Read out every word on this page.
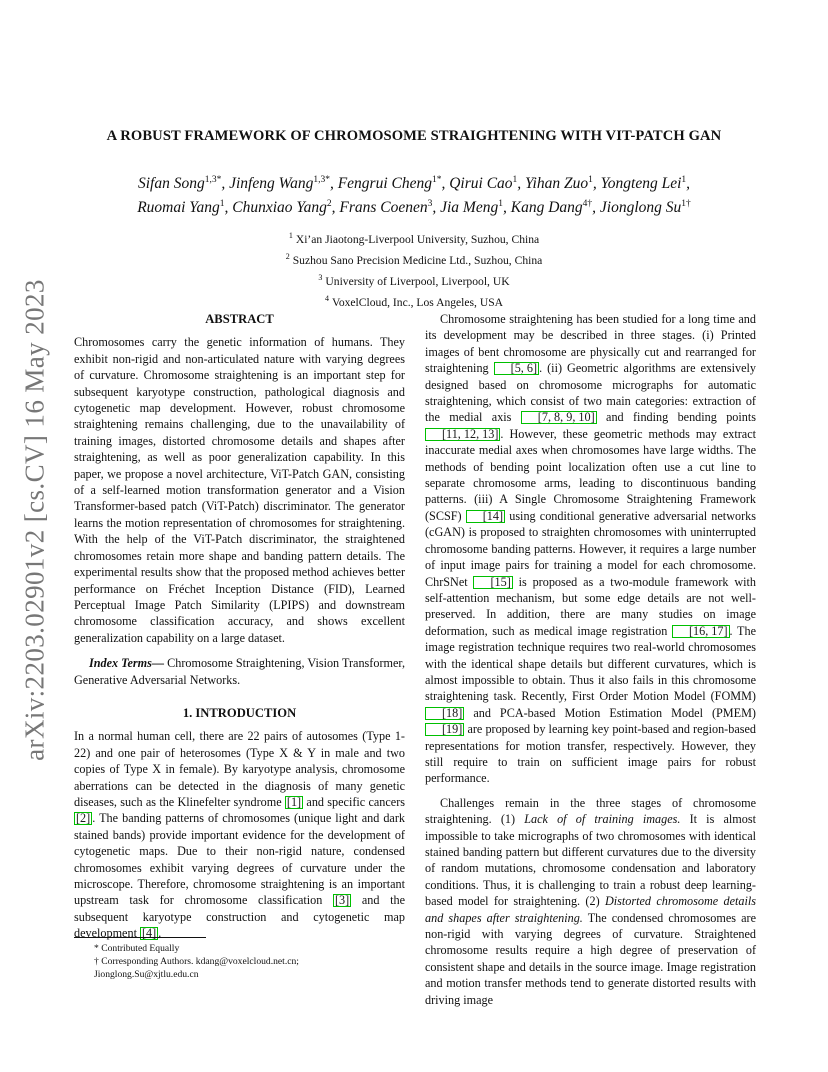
arXiv:2203.02901v2 [cs.CV] 16 May 2023
A ROBUST FRAMEWORK OF CHROMOSOME STRAIGHTENING WITH VIT-PATCH GAN
Sifan Song$^{1,3*}$, Jinfeng Wang$^{1,3*}$, Fengrui Cheng$^{1*}$, Qirui Cao$^1$, Yihan Zuo$^1$, Yongteng Lei$^1$,
Ruomai Yang$^1$, Chunxiao Yang$^2$, Frans Coenen$^3$, Jia Meng$^1$, Kang Dang$^{4\dagger}$, Jionglong $Su^{1\dagger}$
$^1$ Xi’an Jiaotong-Liverpool University, Suzhou, China
$^2$ Suzhou Sano Precision Medicine Ltd., Suzhou, China
$^3$ University of Liverpool, Liverpool, UK
$^4$ VoxelCloud, Inc., Los Angeles, USA
ABSTRACT

Chromosomes carry the genetic information of humans. They exhibit non-rigid and non-articulated nature with varying degrees of curvature. Chromosome straightening is an important step for subsequent karyotype construction, pathological diagnosis and cytogenetic map development. However, robust chromosome straightening remains challenging, due to the unavailability of training images, distorted chromosome details and shapes after straightening, as well as poor generalization capability. In this paper, we propose a novel architecture, ViT-Patch GAN, consisting of a self-learned motion transformation generator and a Vision Transformer-based patch (ViT-Patch) discriminator. The generator learns the motion representation of chromosomes for straightening. With the help of the ViT-Patch discriminator, the straightened chromosomes retain more shape and banding pattern details. The experimental results show that the proposed method achieves better performance on Fréchet Inception Distance (FID), Learned Perceptual Image Patch Similarity (LPIPS) and downstream chromosome classification accuracy, and shows excellent generalization capability on a large dataset.

Index Terms— Chromosome Straightening, Vision Transformer, Generative Adversarial Networks.

1. INTRODUCTION

In a normal human cell, there are 22 pairs of autosomes (Type 1-22) and one pair of heterosomes (Type X & Y in male and two copies of Type X in female). By karyotype analysis, chromosome aberrations can be detected in the diagnosis of many genetic diseases, such as the Klinefelter syndrome [1] and specific cancers [2] . The banding patterns of chromosomes (unique light and dark stained bands) provide important evidence for the development of cytogenetic maps. Due to their non-rigid nature, condensed chromosomes exhibit varying degrees of curvature under the microscope. Therefore, chromosome straightening is an important upstream task for chromosome classification [3] and the subsequent karyotype construction and cytogenetic map development [4] .

Chromosome straightening has been studied for a long time and its development may be described in three stages. (i) Printed images of bent chromosome are physically cut and rearranged for straightening [5, 6] . (ii) Geometric algorithms are extensively designed based on chromosome micrographs for automatic straightening, which consist of two main categories: extraction of the medial axis [7, 8, 9, 10] and finding bending points [11, 12, 13] . However, these geometric methods may extract inaccurate medial axes when chromosomes have large widths. The methods of bending point localization often use a cut line to separate chromosome arms, leading to discontinuous banding patterns. (iii) A Single Chromosome Straightening Framework (SCSF) [14] using conditional generative adversarial networks (cGAN) is proposed to straighten chromosomes with uninterrupted chromosome banding patterns. However, it requires a large number of input image pairs for training a model for each chromosome. ChrSNet [15] is proposed as a two-module framework with self-attention mechanism, but some edge details are not well-preserved. In addition, there are many studies on image deformation, such as medical image registration [16, 17] . The image registration technique requires two real-world chromosomes with the identical shape details but different curvatures, which is almost impossible to obtain. Thus it also fails in this chromosome straightening task. Recently, First Order Motion Model (FOMM) [18] and PCA-based Motion Estimation Model (PMEM) [19] are proposed by learning key point-based and region-based representations for motion transfer, respectively. However, they still require to train on sufficient image pairs for robust performance.

Challenges remain in the three stages of chromosome straightening. (1) Lack of of training images. It is almost impossible to take micrographs of two chromosomes with identical stained banding pattern but different curvatures due to the diversity of random mutations, chromosome condensation and laboratory conditions. Thus, it is challenging to train a robust deep learning-based model for straightening. (2) Distorted chromosome details and shapes after straightening. The condensed chromosomes are non-rigid with varying degrees of curvature. Straightened chromosome results require a high degree of preservation of consistent shape and details in the source image. Image registration and motion transfer methods tend to generate distorted results with driving image

* Contributed Equally
† Corresponding Authors. kdang@voxelcloud.net.cn; Jionglong.Su@xjtlu.edu.cn
